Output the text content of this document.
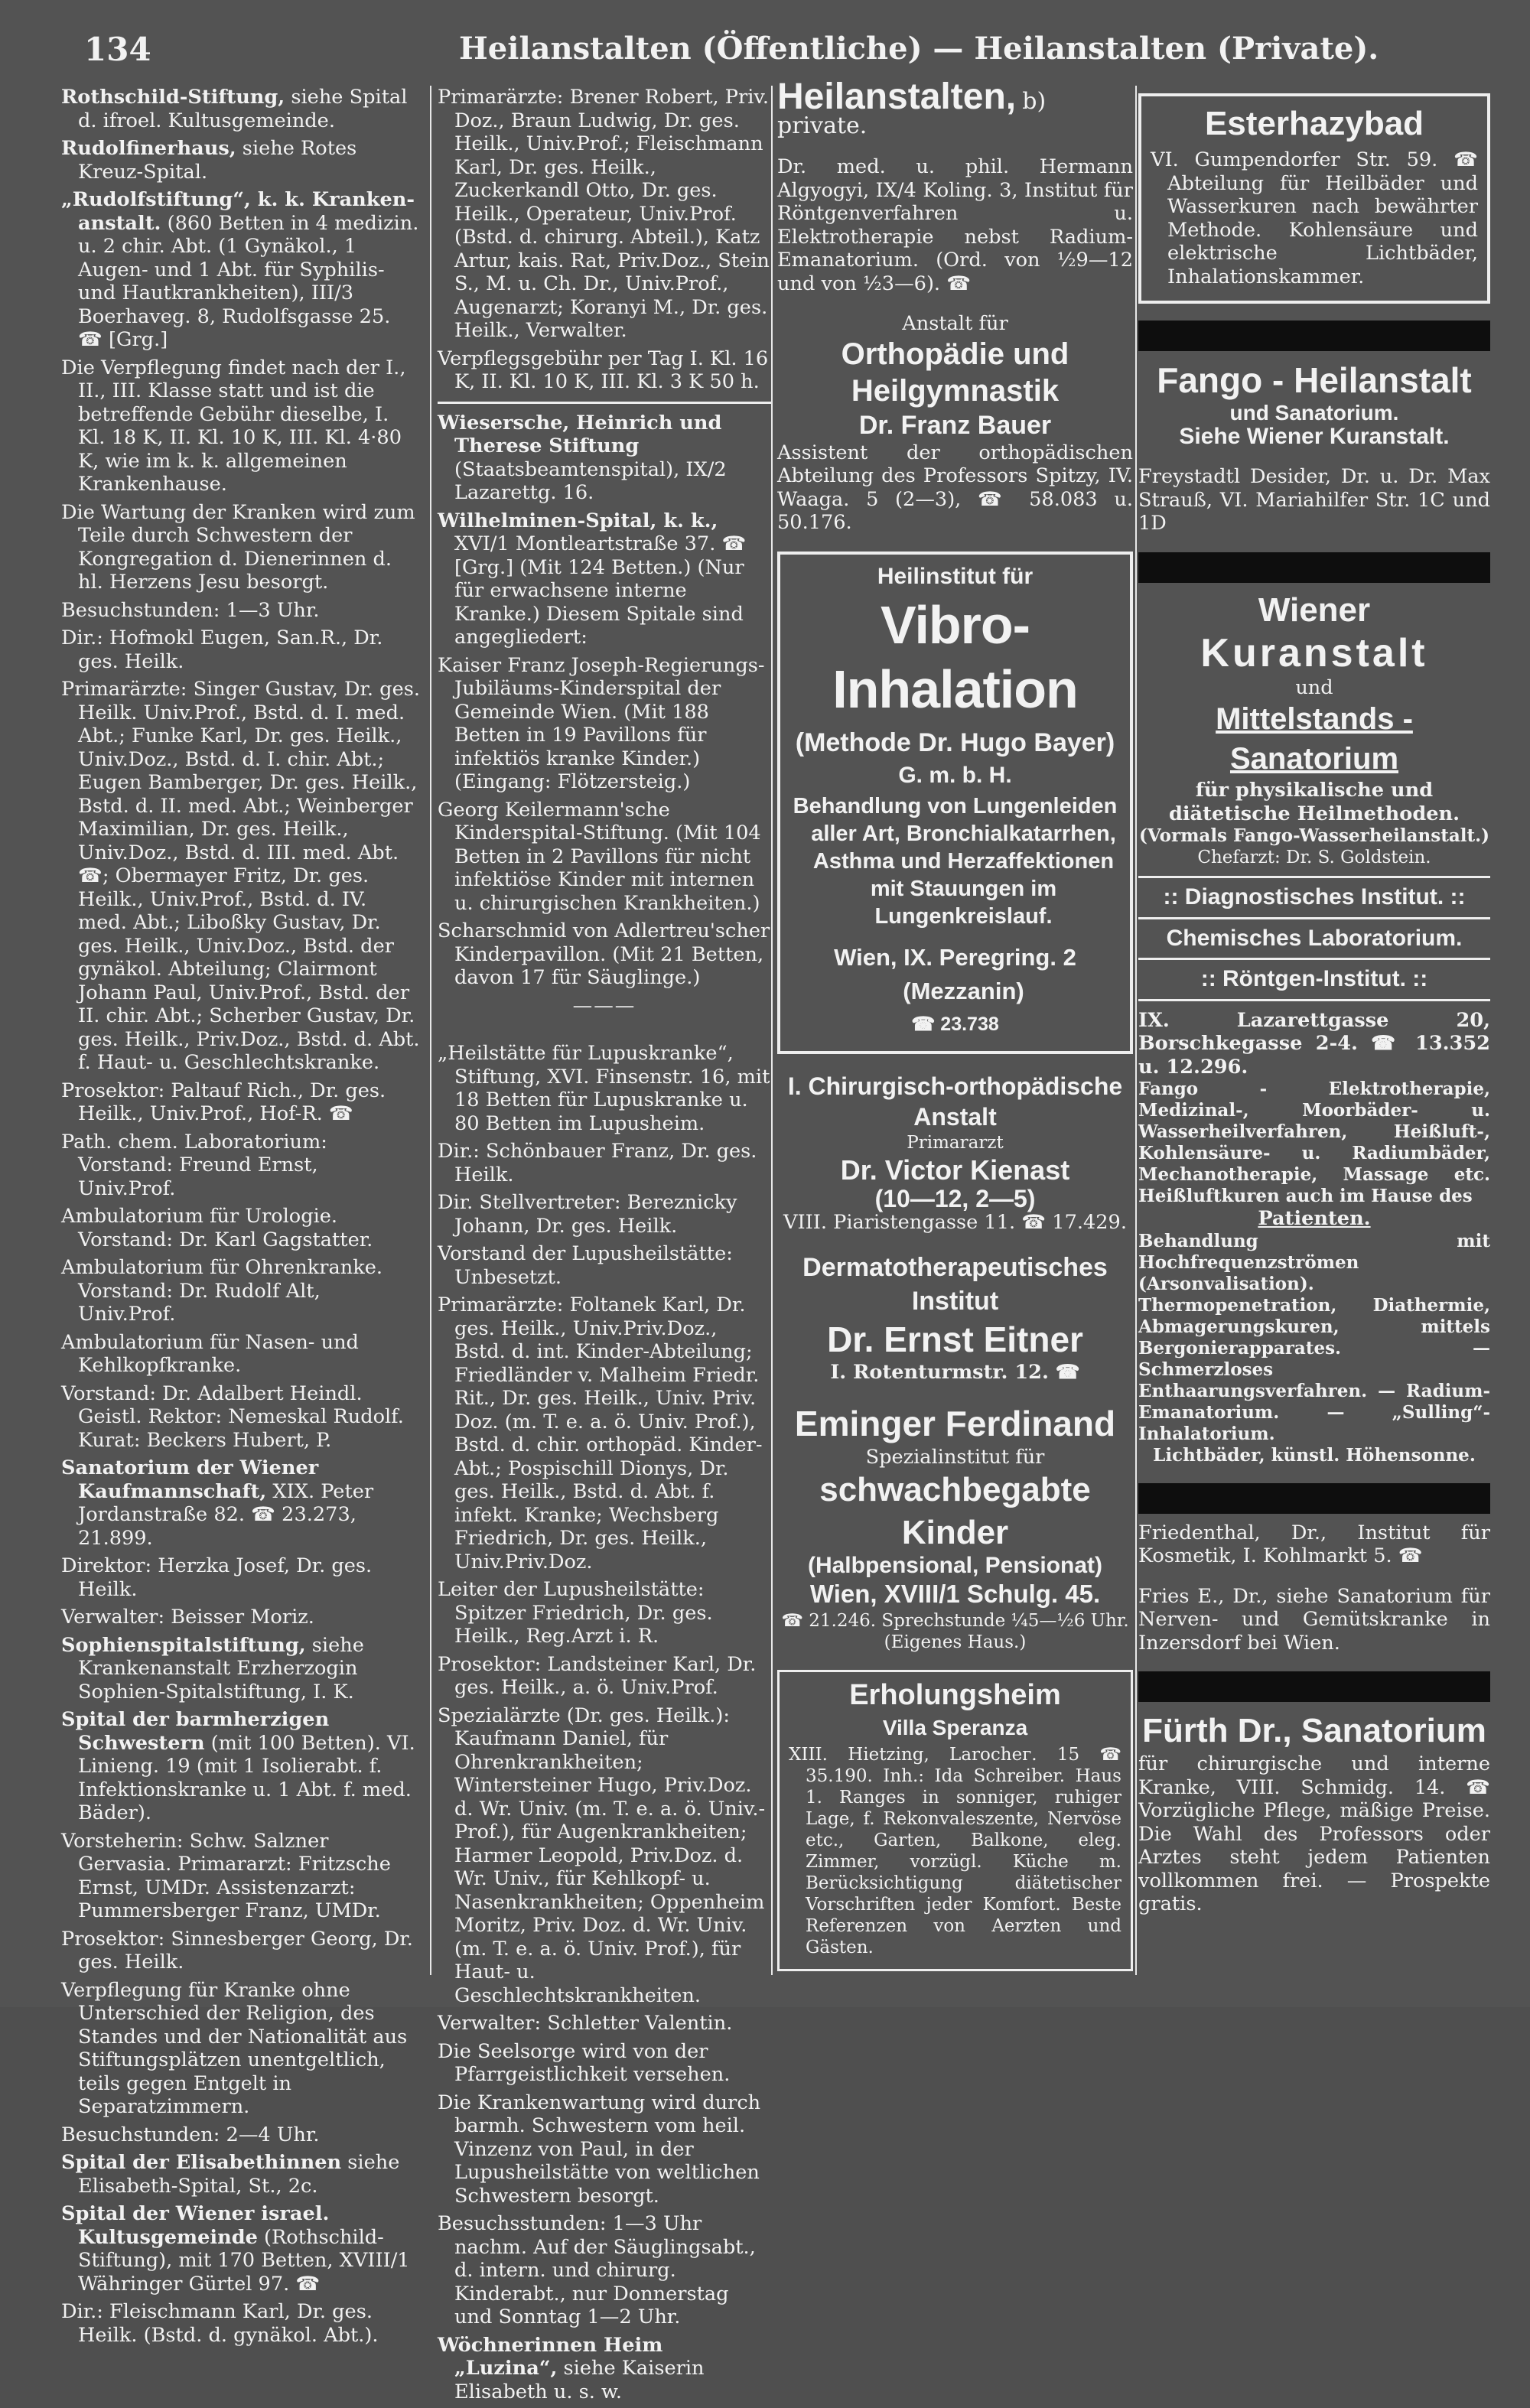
134	Heilanstalten (Öffentliche) — Heilanstalten (Private).

Rothschild-Stiftung, siehe Spital d. ifroel. Kultusgemeinde.

Rudolfinerhaus, siehe Rotes Kreuz-Spital.

„Rudolfstiftung“, k. k. Kranken-anstalt. (860 Betten in 4 medizin. u. 2 chir. Abt. (1 Gynäkol., 1 Augen- und 1 Abt. für Syphilis- und Hautkrankheiten), III/3 Boerhaveg. 8, Rudolfsgasse 25. ☎ [Grg.]

Die Verpflegung findet nach der I., II., III. Klasse statt und ist die betreffende Gebühr dieselbe, I. Kl. 18 K, II. Kl. 10 K, III. Kl. 4·80 K, wie im k. k. allgemeinen Krankenhause.

Die Wartung der Kranken wird zum Teile durch Schwestern der Kongregation d. Dienerinnen d. hl. Herzens Jesu besorgt.

Besuchstunden: 1—3 Uhr.

Dir.: Hofmokl Eugen, San.R., Dr. ges. Heilk.

Primarärzte: Singer Gustav, Dr. ges. Heilk. Univ.Prof., Bstd. d. I. med. Abt.; Funke Karl, Dr. ges. Heilk., Univ.Doz., Bstd. d. I. chir. Abt.; Eugen Bamberger, Dr. ges. Heilk., Bstd. d. II. med. Abt.; Weinberger Maximilian, Dr. ges. Heilk., Univ.Doz., Bstd. d. III. med. Abt. ☎; Obermayer Fritz, Dr. ges. Heilk., Univ.Prof., Bstd. d. IV. med. Abt.; Liboßky Gustav, Dr. ges. Heilk., Univ.Doz., Bstd. der gynäkol. Abteilung; Clairmont Johann Paul, Univ.Prof., Bstd. der II. chir. Abt.; Scherber Gustav, Dr. ges. Heilk., Priv.Doz., Bstd. d. Abt. f. Haut- u. Geschlechtskranke.

Prosektor: Paltauf Rich., Dr. ges. Heilk., Univ.Prof., Hof-R. ☎

Path. chem. Laboratorium: Vorstand: Freund Ernst, Univ.Prof.

Ambulatorium für Urologie. Vorstand: Dr. Karl Gagstatter.

Ambulatorium für Ohrenkranke. Vorstand: Dr. Rudolf Alt, Univ.Prof.

Ambulatorium für Nasen- und Kehlkopfkranke.

Vorstand: Dr. Adalbert Heindl. Geistl. Rektor: Nemeskal Rudolf. Kurat: Beckers Hubert, P.

Sanatorium der Wiener Kaufmannschaft, XIX. Peter Jordanstraße 82. ☎ 23.273, 21.899.

Direktor: Herzka Josef, Dr. ges. Heilk.

Verwalter: Beisser Moriz.

Sophienspitalstiftung, siehe Krankenanstalt Erzherzogin Sophien-Spitalstiftung, I. K.

Spital der barmherzigen Schwestern (mit 100 Betten). VI. Linieng. 19 (mit 1 Isolierabt. f. Infektionskranke u. 1 Abt. f. med. Bäder).

Vorsteherin: Schw. Salzner Gervasia. Primararzt: Fritzsche Ernst, UMDr. Assistenzarzt: Pummersberger Franz, UMDr.

Prosektor: Sinnesberger Georg, Dr. ges. Heilk.

Verpflegung für Kranke ohne Unterschied der Religion, des Standes und der Nationalität aus Stiftungsplätzen unentgeltlich, teils gegen Entgelt in Separatzimmern.

Besuchstunden: 2—4 Uhr.

Spital der Elisabethinnen siehe Elisabeth-Spital, St., 2c.

Spital der Wiener israel. Kultusgemeinde (Rothschild-Stiftung), mit 170 Betten, XVIII/1 Währinger Gürtel 97. ☎

Dir.: Fleischmann Karl, Dr. ges. Heilk. (Bstd. d. gynäkol. Abt.).

Primarärzte: Brener Robert, Priv. Doz., Braun Ludwig, Dr. ges. Heilk., Univ.Prof.; Fleischmann Karl, Dr. ges. Heilk., Zuckerkandl Otto, Dr. ges. Heilk., Operateur, Univ.Prof. (Bstd. d. chirurg. Abteil.), Katz Artur, kais. Rat, Priv.Doz., Stein S., M. u. Ch. Dr., Univ.Prof., Augenarzt; Koranyi M., Dr. ges. Heilk., Verwalter.

Verpflegsgebühr per Tag I. Kl. 16 K, II. Kl. 10 K, III. Kl. 3 K 50 h.

Wiesersche, Heinrich und Therese Stiftung (Staatsbeamtenspital), IX/2 Lazarettg. 16.

Wilhelminen-Spital, k. k., XVI/1 Montleartstraße 37. ☎ [Grg.] (Mit 124 Betten.) (Nur für erwachsene interne Kranke.) Diesem Spitale sind angegliedert:

Kaiser Franz Joseph-Regierungs-Jubiläums-Kinderspital der Gemeinde Wien. (Mit 188 Betten in 19 Pavillons für infektiös kranke Kinder.) (Eingang: Flötzersteig.)

Georg Keilermann'sche Kinderspital-Stiftung. (Mit 104 Betten in 2 Pavillons für nicht infektiöse Kinder mit internen u. chirurgischen Krankheiten.)

Scharschmid von Adlertreu'scher Kinderpavillon. (Mit 21 Betten, davon 17 für Säuglinge.)

———

„Heilstätte für Lupuskranke“, Stiftung, XVI. Finsenstr. 16, mit 18 Betten für Lupuskranke u. 80 Betten im Lupusheim.

Dir.: Schönbauer Franz, Dr. ges. Heilk.

Dir. Stellvertreter: Bereznicky Johann, Dr. ges. Heilk.

Vorstand der Lupusheilstätte: Unbesetzt.

Primarärzte: Foltanek Karl, Dr. ges. Heilk., Univ.Priv.Doz., Bstd. d. int. Kinder-Abteilung; Friedländer v. Malheim Friedr. Rit., Dr. ges. Heilk., Univ. Priv. Doz. (m. T. e. a. ö. Univ. Prof.), Bstd. d. chir. orthopäd. Kinder-Abt.; Pospischill Dionys, Dr. ges. Heilk., Bstd. d. Abt. f. infekt. Kranke; Wechsberg Friedrich, Dr. ges. Heilk., Univ.Priv.Doz.

Leiter der Lupusheilstätte: Spitzer Friedrich, Dr. ges. Heilk., Reg.Arzt i. R.

Prosektor: Landsteiner Karl, Dr. ges. Heilk., a. ö. Univ.Prof.

Spezialärzte (Dr. ges. Heilk.): Kaufmann Daniel, für Ohrenkrankheiten; Wintersteiner Hugo, Priv.Doz. d. Wr. Univ. (m. T. e. a. ö. Univ.-Prof.), für Augenkrankheiten; Harmer Leopold, Priv.Doz. d. Wr. Univ., für Kehlkopf- u. Nasenkrankheiten; Oppenheim Moritz, Priv. Doz. d. Wr. Univ. (m. T. e. a. ö. Univ. Prof.), für Haut- u. Geschlechtskrankheiten.

Verwalter: Schletter Valentin.

Die Seelsorge wird von der Pfarrgeistlichkeit versehen.

Die Krankenwartung wird durch barmh. Schwestern vom heil. Vinzenz von Paul, in der Lupusheilstätte von weltlichen Schwestern besorgt.

Besuchsstunden: 1—3 Uhr nachm. Auf der Säuglingsabt., d. intern. und chirurg. Kinderabt., nur Donnerstag und Sonntag 1—2 Uhr.

Wöchnerinnen Heim „Luzina“, siehe Kaiserin Elisabeth u. s. w.

Heilanstalten, b) private.

Dr. med. u. phil. Hermann Algyogyi, IX/4 Koling. 3, Institut für Röntgenverfahren u. Elektrotherapie nebst Radium-Emanatorium. (Ord. von ½9—12 und von ½3—6). ☎

Anstalt für

Orthopädie und Heilgymnastik

Dr. Franz Bauer

Assistent der orthopädischen Abteilung des Professors Spitzy, IV. Waaga. 5 (2—3), ☎ 58.083 u. 50.176.

Heilinstitut für

Vibro-Inhalation

(Methode Dr. Hugo Bayer)

G. m. b. H.

Behandlung von Lungenleiden aller Art, Bronchialkatarrhen, Asthma und Herzaffektionen mit Stauungen im Lungenkreislauf.

Wien, IX. Peregring. 2 (Mezzanin)

☎ 23.738

I. Chirurgisch-orthopädische Anstalt

Primararzt

Dr. Victor Kienast

(10—12, 2—5)

VIII. Piaristengasse 11. ☎ 17.429.

Dermatotherapeutisches Institut

Dr. Ernst Eitner

I. Rotenturmstr. 12. ☎

Eminger Ferdinand

Spezialinstitut für

schwachbegabte Kinder

(Halbpensional, Pensionat)

Wien, XVIII/1 Schulg. 45.

☎ 21.246. Sprechstunde ¼5—½6 Uhr.

(Eigenes Haus.)

Erholungsheim

Villa Speranza

XIII. Hietzing, Larochег. 15 ☎ 35.190. Inh.: Ida Schreiber. Haus 1. Ranges in sonniger, ruhiger Lage, f. Rekonvaleszente, Nervöse etc., Garten, Balkone, eleg. Zimmer, vorzügl. Küche m. Berücksichtigung diätetischer Vorschriften jeder Komfort. Beste Referenzen von Aerzten und Gästen.

Esterhazybad

VI. Gumpendorfer Str. 59. ☎ Abteilung für Heilbäder und Wasserkuren nach bewährter Methode. Kohlensäure und elektrische Lichtbäder, Inhalationskammer.

Fango - Heilanstalt

und Sanatorium.

Siehe Wiener Kuranstalt.

Freystadtl Desider, Dr. u. Dr. Max Strauß, VI. Mariahilfer Str. 1C und 1D

Wiener

Kuranstalt

und

Mittelstands - Sanatorium

für physikalische und diätetische Heilmethoden.

(Vormals Fango-Wasserheilanstalt.)

Chefarzt: Dr. S. Goldstein.

:: Diagnostisches Institut. ::

Chemisches Laboratorium.

:: Röntgen-Institut. ::

IX. Lazarettgasse 20, Borschkegasse 2-4. ☎ 13.352 u. 12.296.

Fango - Elektrotherapie, Medizinal-, Moorbäder- u. Wasserheilverfahren, Heißluft-, Kohlensäure- u. Radiumbäder, Mechanotherapie, Massage etc. Heißluftkuren auch im Hause des

Patienten.

Behandlung mit Hochfrequenzströmen (Arsonvalisation). Thermopenetration, Diathermie, Abmagerungskuren, mittels Bergonierapparates. — Schmerzloses Enthaarungsverfahren. — Radium-Emanatorium. — „Sulling“-Inhalatorium.

Lichtbäder, künstl. Höhensonne.

Friedenthal, Dr., Institut für Kosmetik, I. Kohlmarkt 5. ☎

Fries E., Dr., siehe Sanatorium für Nerven- und Gemütskranke in Inzersdorf bei Wien.

Fürth Dr., Sanatorium

für chirurgische und interne Kranke, VIII. Schmidg. 14. ☎ Vorzügliche Pflege, mäßige Preise. Die Wahl des Professors oder Arztes steht jedem Patienten vollkommen frei. — Prospekte gratis.
